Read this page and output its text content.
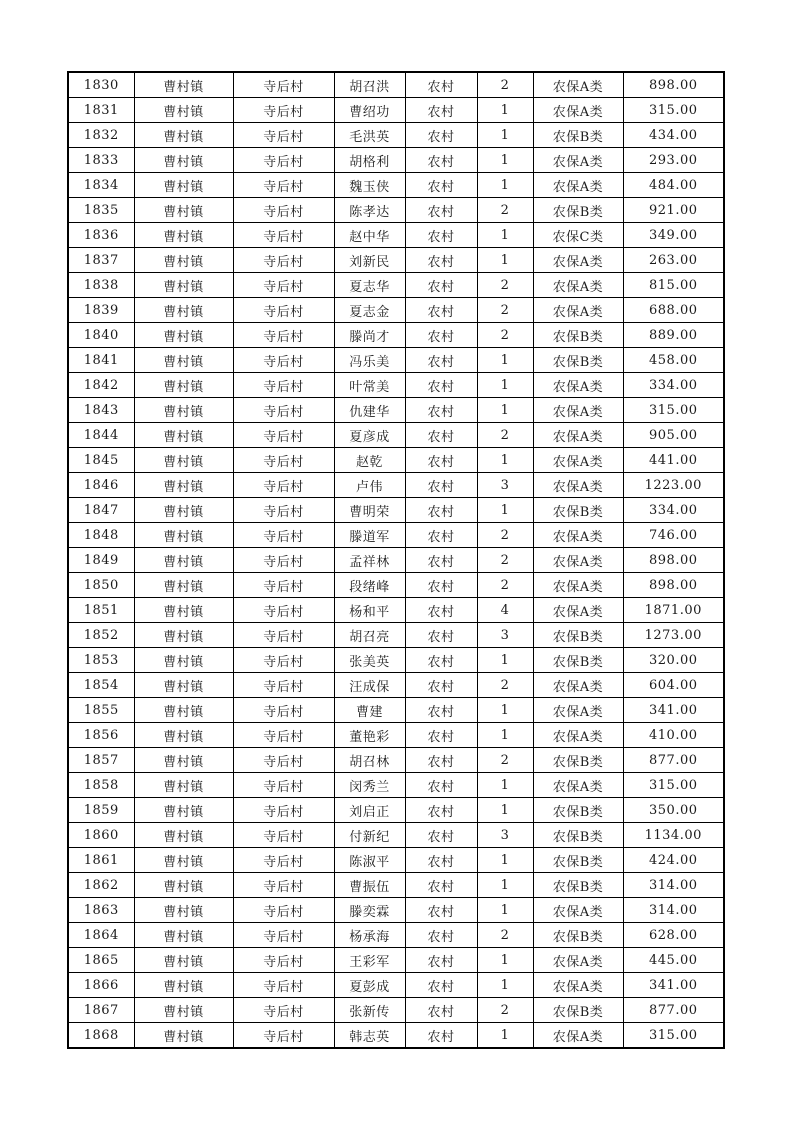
1830	曹村镇	寺后村	胡召洪	农村	2	农保A类	898.00
1831	曹村镇	寺后村	曹绍功	农村	1	农保A类	315.00
1832	曹村镇	寺后村	毛洪英	农村	1	农保B类	434.00
1833	曹村镇	寺后村	胡格利	农村	1	农保A类	293.00
1834	曹村镇	寺后村	魏玉侠	农村	1	农保A类	484.00
1835	曹村镇	寺后村	陈孝达	农村	2	农保B类	921.00
1836	曹村镇	寺后村	赵中华	农村	1	农保C类	349.00
1837	曹村镇	寺后村	刘新民	农村	1	农保A类	263.00
1838	曹村镇	寺后村	夏志华	农村	2	农保A类	815.00
1839	曹村镇	寺后村	夏志金	农村	2	农保A类	688.00
1840	曹村镇	寺后村	滕尚才	农村	2	农保B类	889.00
1841	曹村镇	寺后村	冯乐美	农村	1	农保B类	458.00
1842	曹村镇	寺后村	叶常美	农村	1	农保A类	334.00
1843	曹村镇	寺后村	仇建华	农村	1	农保A类	315.00
1844	曹村镇	寺后村	夏彦成	农村	2	农保A类	905.00
1845	曹村镇	寺后村	赵乾	农村	1	农保A类	441.00
1846	曹村镇	寺后村	卢伟	农村	3	农保A类	1223.00
1847	曹村镇	寺后村	曹明荣	农村	1	农保B类	334.00
1848	曹村镇	寺后村	滕道军	农村	2	农保A类	746.00
1849	曹村镇	寺后村	孟祥林	农村	2	农保A类	898.00
1850	曹村镇	寺后村	段绪峰	农村	2	农保A类	898.00
1851	曹村镇	寺后村	杨和平	农村	4	农保A类	1871.00
1852	曹村镇	寺后村	胡召亮	农村	3	农保B类	1273.00
1853	曹村镇	寺后村	张美英	农村	1	农保B类	320.00
1854	曹村镇	寺后村	汪成保	农村	2	农保A类	604.00
1855	曹村镇	寺后村	曹建	农村	1	农保A类	341.00
1856	曹村镇	寺后村	董艳彩	农村	1	农保A类	410.00
1857	曹村镇	寺后村	胡召林	农村	2	农保B类	877.00
1858	曹村镇	寺后村	闵秀兰	农村	1	农保A类	315.00
1859	曹村镇	寺后村	刘启正	农村	1	农保B类	350.00
1860	曹村镇	寺后村	付新纪	农村	3	农保B类	1134.00
1861	曹村镇	寺后村	陈淑平	农村	1	农保B类	424.00
1862	曹村镇	寺后村	曹振伍	农村	1	农保B类	314.00
1863	曹村镇	寺后村	滕奕霖	农村	1	农保A类	314.00
1864	曹村镇	寺后村	杨承海	农村	2	农保B类	628.00
1865	曹村镇	寺后村	王彩军	农村	1	农保A类	445.00
1866	曹村镇	寺后村	夏彭成	农村	1	农保A类	341.00
1867	曹村镇	寺后村	张新传	农村	2	农保B类	877.00
1868	曹村镇	寺后村	韩志英	农村	1	农保A类	315.00
